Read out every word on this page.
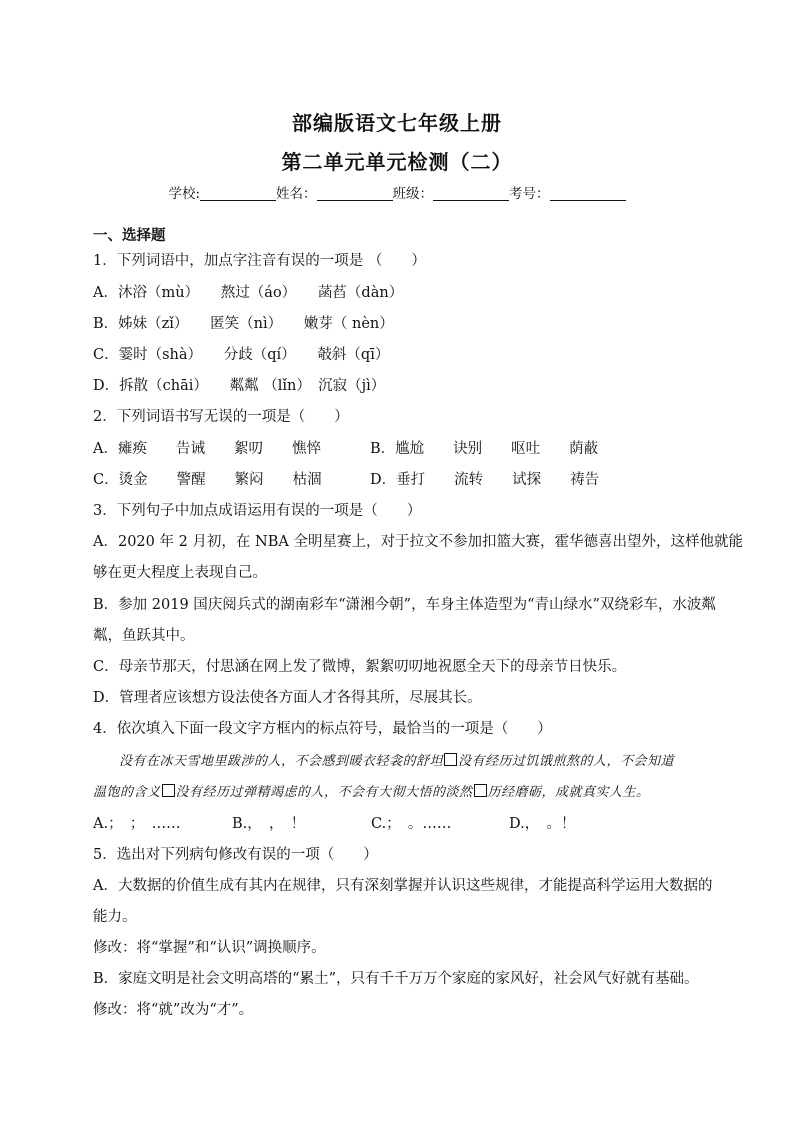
部编版语文七年级上册
第二单元单元检测（二）
学校:	姓名：	班级：	考号：
一、选择题
1．下列词语中，加点字注音有误的一项是 （　　）
A．沐浴（mù）　　熬过（áo）　　菡萏（dàn）
B．姊妹（zǐ）　　匿笑（nì）　　嫩芽（ nèn）
C．霎时（shà）　　分歧（qí）　　攲斜（qī）
D．拆散（chāi）　　粼粼 （lǐn）　沉寂（jì）
2．下列词语书写无误的一项是（　　）
A．瘫痪　　告诫　　絮叨　　憔悴	B．尴尬　　诀别　　呕吐　　荫蔽
C．烫金　　警醒　　繁闷　　枯涸	D．垂打　　流转　　试探　　祷告
3．下列句子中加点成语运用有误的一项是（　　）
A．2020 年 2 月初，在 NBA 全明星赛上，对于拉文不参加扣篮大赛，霍华德喜出望外，这样他就能
够在更大程度上表现自己。
B．参加 2019 国庆阅兵式的湖南彩车“潇湘今朝”，车身主体造型为“青山绿水”双绕彩车，水波粼
粼，鱼跃其中。
C．母亲节那天，付思涵在网上发了微博，絮絮叨叨地祝愿全天下的母亲节日快乐。
D．管理者应该想方设法使各方面人才各得其所，尽展其长。
4．依次填入下面一段文字方框内的标点符号，最恰当的一项是（　　）
没有在冰天雪地里跋涉的人，不会感到暖衣轻衾的舒坦 没有经历过饥饿煎熬的人，不会知道
温饱的含义 没有经历过弹精竭虑的人，不会有大彻大悟的淡然 历经磨砺，成就真实人生。
A.；　；　……	B.，　，　！	C.；　。……	D.，　。！
5．选出对下列病句修改有误的一项（　　）
A．大数据的价值生成有其内在规律，只有深刻掌握并认识这些规律，才能提高科学运用大数据的
能力。
修改：将“掌握”和“认识”调换顺序。
B．家庭文明是社会文明高塔的“累土”，只有千千万万个家庭的家风好，社会风气好就有基础。
修改：将“就”改为“才”。
